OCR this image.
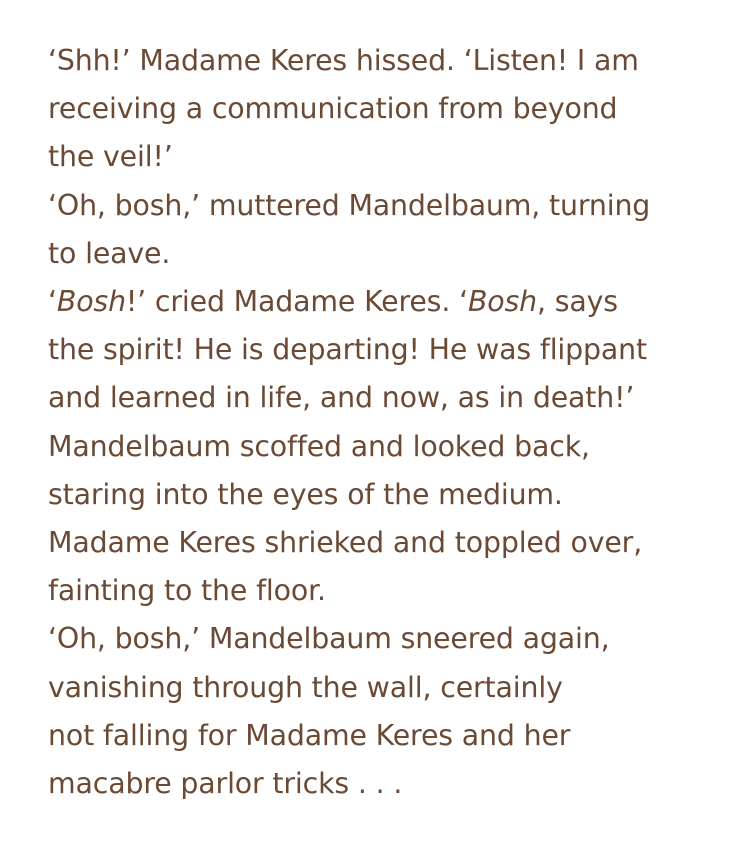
‘Shh!’ Madame Keres hissed. ‘Listen! I am
receiving a communication from beyond
the veil!’
‘Oh, bosh,’ muttered Mandelbaum, turning
to leave.
‘Bosh!’ cried Madame Keres. ‘Bosh, says
the spirit! He is departing! He was flippant
and learned in life, and now, as in death!’
Mandelbaum scoffed and looked back,
staring into the eyes of the medium.
Madame Keres shrieked and toppled over,
fainting to the floor.
‘Oh, bosh,’ Mandelbaum sneered again,
vanishing through the wall, certainly
not falling for Madame Keres and her
macabre parlor tricks . . .
